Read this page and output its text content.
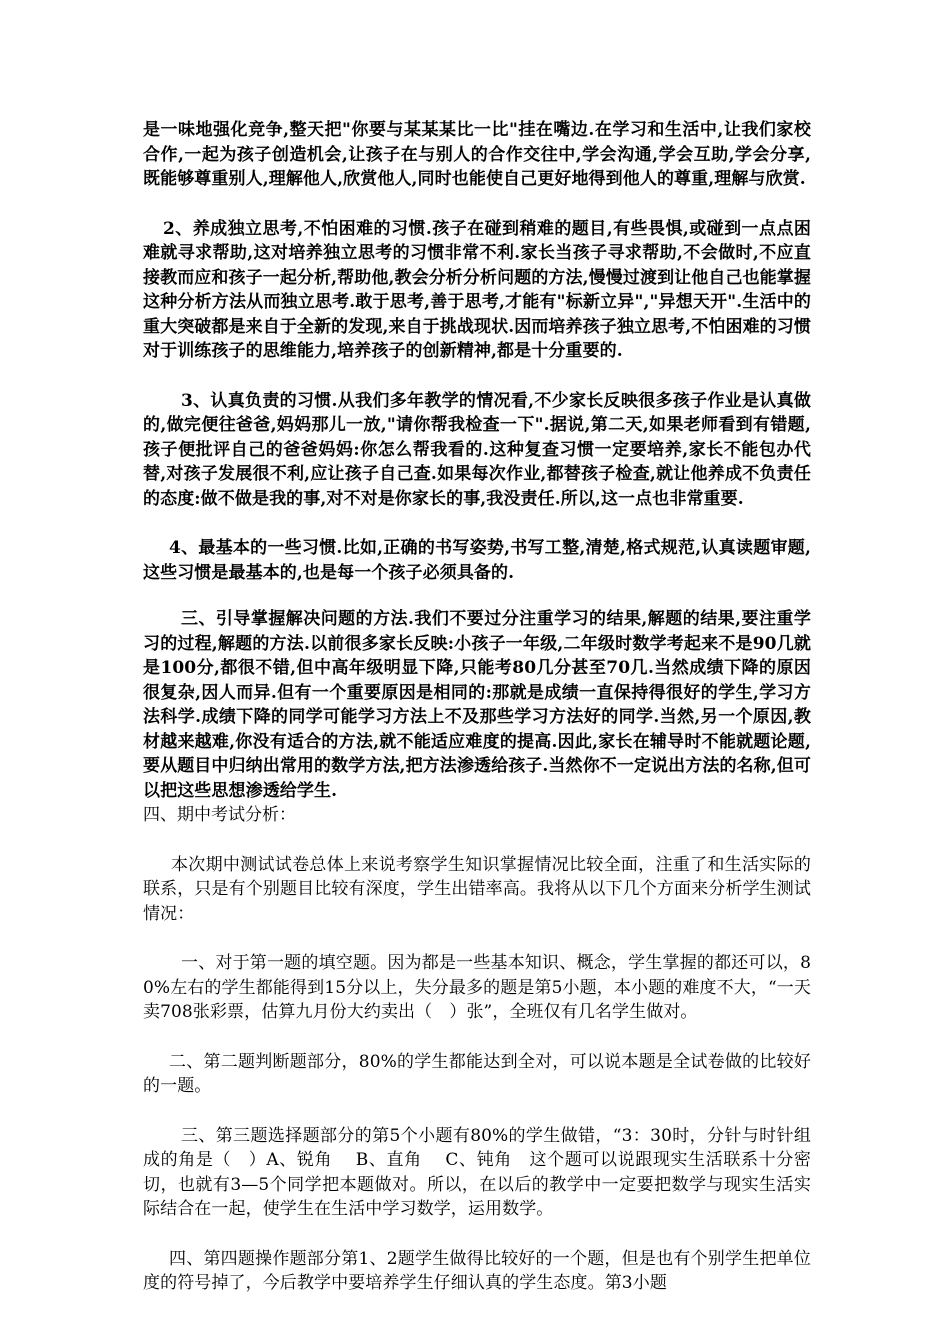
是一味地强化竞争,整天把"你要与某某某比一比"挂在嘴边.在学习和生活中,让我们家校合作,一起为孩子创造机会,让孩子在与别人的合作交往中,学会沟通,学会互助,学会分享,既能够尊重别人,理解他人,欣赏他人,同时也能使自己更好地得到他人的尊重,理解与欣赏.

2、养成独立思考,不怕困难的习惯.孩子在碰到稍难的题目,有些畏惧,或碰到一点点困难就寻求帮助,这对培养独立思考的习惯非常不利.家长当孩子寻求帮助,不会做时,不应直接教而应和孩子一起分析,帮助他,教会分析分析问题的方法,慢慢过渡到让他自己也能掌握这种分析方法从而独立思考.敢于思考,善于思考,才能有"标新立异","异想天开".生活中的重大突破都是来自于全新的发现,来自于挑战现状.因而培养孩子独立思考,不怕困难的习惯对于训练孩子的思维能力,培养孩子的创新精神,都是十分重要的.

3、认真负责的习惯.从我们多年教学的情况看,不少家长反映很多孩子作业是认真做的,做完便往爸爸,妈妈那儿一放,"请你帮我检查一下".据说,第二天,如果老师看到有错题,孩子便批评自己的爸爸妈妈:你怎么帮我看的.这种复查习惯一定要培养,家长不能包办代替,对孩子发展很不利,应让孩子自己查.如果每次作业,都替孩子检查,就让他养成不负责任的态度:做不做是我的事,对不对是你家长的事,我没责任.所以,这一点也非常重要.

4、最基本的一些习惯.比如,正确的书写姿势,书写工整,清楚,格式规范,认真读题审题,这些习惯是最基本的,也是每一个孩子必须具备的.

三、引导掌握解决问题的方法.我们不要过分注重学习的结果,解题的结果,要注重学习的过程,解题的方法.以前很多家长反映:小孩子一年级,二年级时数学考起来不是90几就是100分,都很不错,但中高年级明显下降,只能考80几分甚至70几.当然成绩下降的原因很复杂,因人而异.但有一个重要原因是相同的:那就是成绩一直保持得很好的学生,学习方法科学.成绩下降的同学可能学习方法上不及那些学习方法好的同学.当然,另一个原因,教材越来越难,你没有适合的方法,就不能适应难度的提高.因此,家长在辅导时不能就题论题,要从题目中归纳出常用的数学方法,把方法渗透给孩子.当然你不一定说出方法的名称,但可以把这些思想渗透给学生.

四、期中考试分析：

本次期中测试试卷总体上来说考察学生知识掌握情况比较全面，注重了和生活实际的联系，只是有个别题目比较有深度，学生出错率高。我将从以下几个方面来分析学生测试情况：

一、对于第一题的填空题。因为都是一些基本知识、概念，学生掌握的都还可以，80%左右的学生都能得到15分以上，失分最多的题是第5小题，本小题的难度不大，“一天卖708张彩票，估算九月份大约卖出（　）张”，全班仅有几名学生做对。

二、第二题判断题部分，80%的学生都能达到全对，可以说本题是全试卷做的比较好的一题。

三、第三题选择题部分的第5个小题有80%的学生做错，“3：30时，分针与时针组成的角是（　）A、锐角　 B、直角　 C、钝角　这个题可以说跟现实生活联系十分密切，也就有3—5个同学把本题做对。所以，在以后的教学中一定要把数学与现实生活实际结合在一起，使学生在生活中学习数学，运用数学。

四、第四题操作题部分第1、2题学生做得比较好的一个题，但是也有个别学生把单位度的符号掉了，今后教学中要培养学生仔细认真的学生态度。第3小题
